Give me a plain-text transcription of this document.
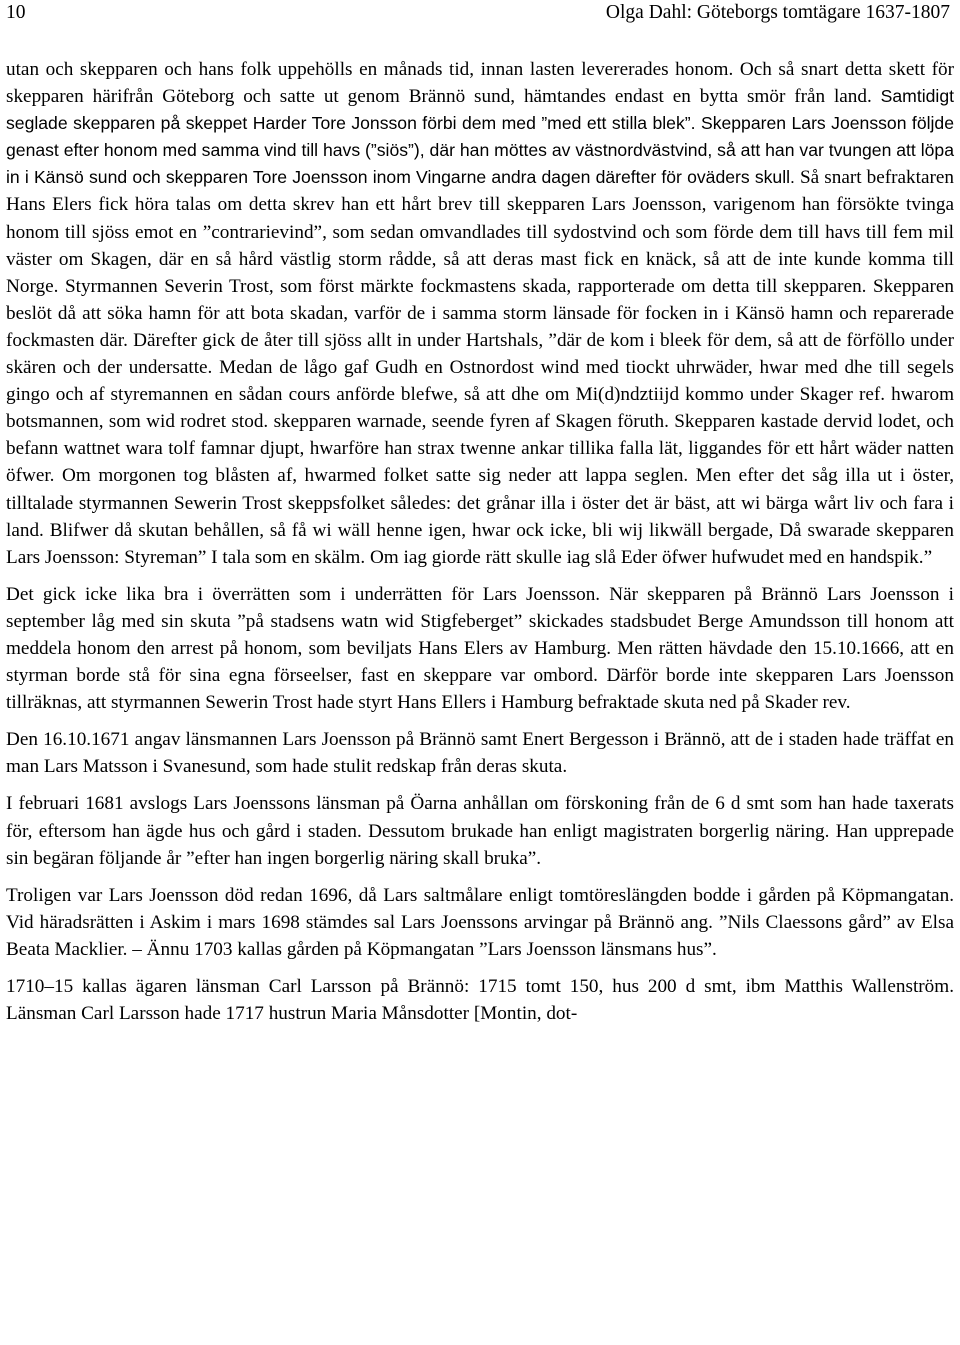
10	Olga Dahl: Göteborgs tomtägare 1637-1807

utan och skepparen och hans folk uppehölls en månads tid, innan lasten levererades honom. Och så snart detta skett för skepparen härifrån Göteborg och satte ut genom Brännö sund, hämtandes endast en bytta smör från land. Samtidigt seglade skepparen på skeppet Harder Tore Jonsson förbi dem med ”med ett stilla blek”. Skepparen Lars Joensson följde genast efter honom med samma vind till havs (”siös”), där han möttes av västnordvästvind, så att han var tvungen att löpa in i Känsö sund och skepparen Tore Joensson inom Vingarne andra dagen därefter för oväders skull. Så snart befraktaren Hans Elers fick höra talas om detta skrev han ett hårt brev till skepparen Lars Joensson, varigenom han försökte tvinga honom till sjöss emot en ”contrarievind”, som sedan omvandlades till sydostvind och som förde dem till havs till fem mil väster om Skagen, där en så hård västlig storm rådde, så att deras mast fick en knäck, så att de inte kunde komma till Norge. Styrmannen Severin Trost, som först märkte fockmastens skada, rapporterade om detta till skepparen. Skepparen beslöt då att söka hamn för att bota skadan, varför de i samma storm länsade för focken in i Känsö hamn och reparerade fockmasten där. Därefter gick de åter till sjöss allt in under Hartshals, ”där de kom i bleek för dem, så att de förföllo under skären och der undersatte. Medan de lågo gaf Gudh en Ostnordost wind med tiockt uhrwäder, hwar med dhe till segels gingo och af styremannen en sådan cours anförde blefwe, så att dhe om Mi(d)ndztiijd kommo under Skager ref. hwarom botsmannen, som wid rodret stod. skepparen warnade, seende fyren af Skagen föruth. Skepparen kastade dervid lodet, och befann wattnet wara tolf famnar djupt, hwarföre han strax twenne ankar tillika falla lät, liggandes för ett hårt wäder natten öfwer. Om morgonen tog blåsten af, hwarmed folket satte sig neder att lappa seglen. Men efter det såg illa ut i öster, tilltalade styrmannen Sewerin Trost skeppsfolket således: det grånar illa i öster det är bäst, att wi bärga wårt liv och fara i land. Blifwer då skutan behållen, så få wi wäll henne igen, hwar ock icke, bli wij likwäll bergade, Då swarade skepparen Lars Joensson: Styreman” I tala som en skälm. Om iag giorde rätt skulle iag slå Eder öfwer hufwudet med en handspik.”

Det gick icke lika bra i överrätten som i underrätten för Lars Joensson. När skepparen på Brännö Lars Joensson i september låg med sin skuta ”på stadsens watn wid Stigfeberget” skickades stadsbudet Berge Amundsson till honom att meddela honom den arrest på honom, som beviljats Hans Elers av Hamburg. Men rätten hävdade den 15.10.1666, att en styrman borde stå för sina egna förseelser, fast en skeppare var ombord. Därför borde inte skepparen Lars Joensson tillräknas, att styrmannen Sewerin Trost hade styrt Hans Ellers i Hamburg befraktade skuta ned på Skader rev.

Den 16.10.1671 angav länsmannen Lars Joensson på Brännö samt Enert Bergesson i Brännö, att de i staden hade träffat en man Lars Matsson i Svanesund, som hade stulit redskap från deras skuta.

I februari 1681 avslogs Lars Joenssons länsman på Öarna anhållan om förskoning från de 6 d smt som han hade taxerats för, eftersom han ägde hus och gård i staden. Dessutom brukade han enligt magistraten borgerlig näring. Han upprepade sin begäran följande år ”efter han ingen borgerlig näring skall bruka”.

Troligen var Lars Joensson död redan 1696, då Lars saltmålare enligt tomtöreslängden bodde i gården på Köpmangatan. Vid häradsrätten i Askim i mars 1698 stämdes sal Lars Joenssons arvingar på Brännö ang. ”Nils Claessons gård” av Elsa Beata Macklier. – Ännu 1703 kallas gården på Köpmangatan ”Lars Joensson länsmans hus”.

1710–15 kallas ägaren länsman Carl Larsson på Brännö: 1715 tomt 150, hus 200 d smt, ibm Matthis Wallenström. Länsman Carl Larsson hade 1717 hustrun Maria Månsdotter [Montin, dot-
